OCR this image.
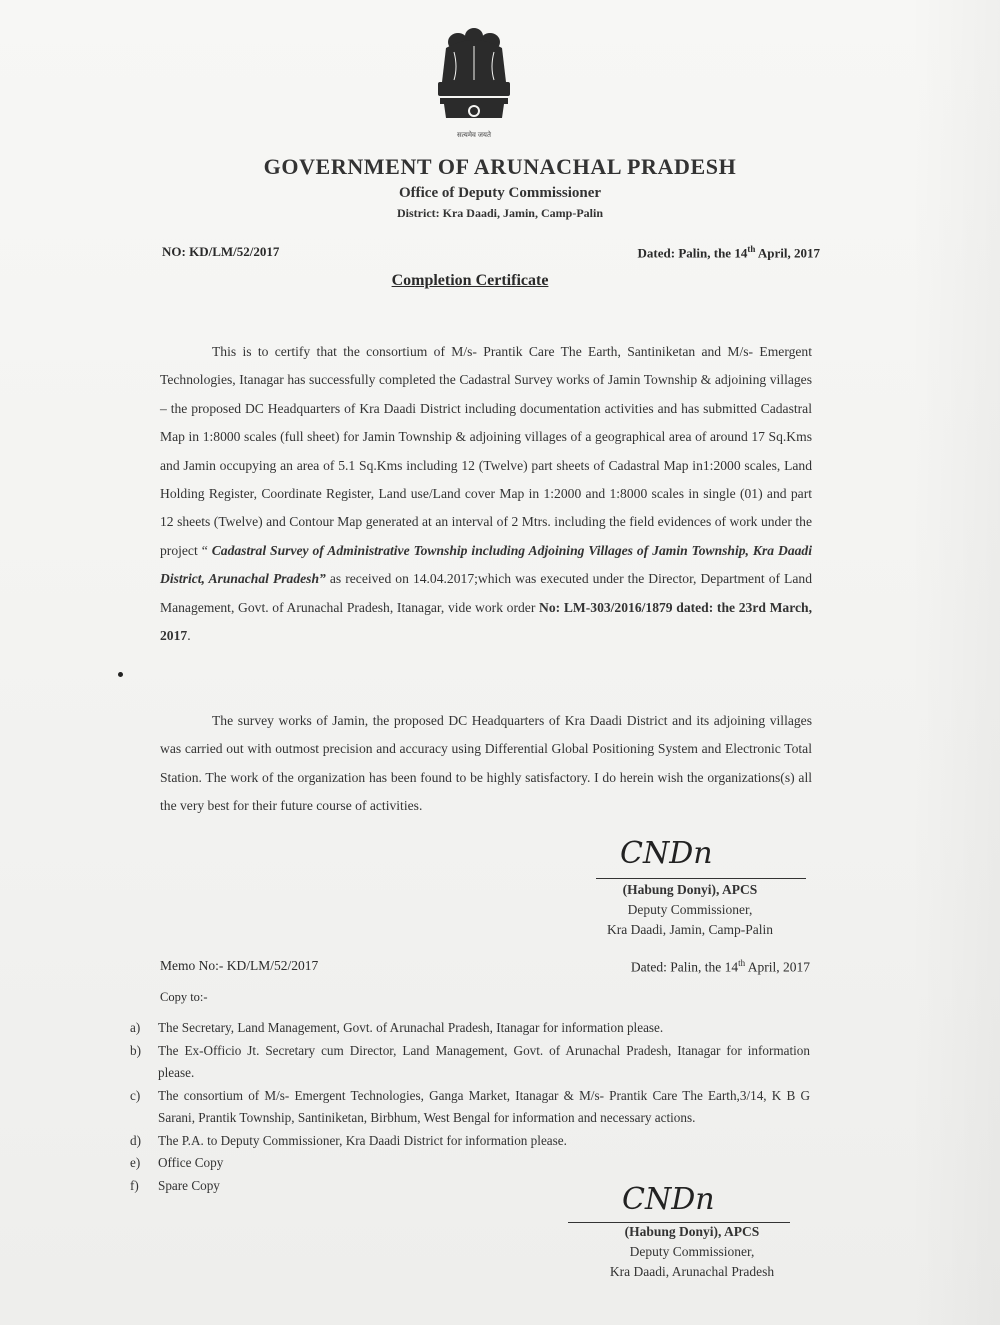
सत्यमेव जयते
GOVERNMENT OF ARUNACHAL PRADESH
Office of Deputy Commissioner
District: Kra Daadi, Jamin, Camp-Palin
NO: KD/LM/52/2017	Dated: Palin, the 14th April, 2017
Completion Certificate
This is to certify that the consortium of M/s- Prantik Care The Earth, Santiniketan and M/s- Emergent Technologies, Itanagar has successfully completed the Cadastral Survey works of Jamin Township & adjoining villages – the proposed DC Headquarters of Kra Daadi District including documentation activities and has submitted Cadastral Map in 1:8000 scales (full sheet) for Jamin Township & adjoining villages of a geographical area of around 17 Sq.Kms and Jamin occupying an area of 5.1 Sq.Kms including 12 (Twelve) part sheets of Cadastral Map in1:2000 scales, Land Holding Register, Coordinate Register, Land use/Land cover Map in 1:2000 and 1:8000 scales in single (01) and part 12 sheets (Twelve) and Contour Map generated at an interval of 2 Mtrs. including the field evidences of work under the project “ Cadastral Survey of Administrative Township including Adjoining Villages of Jamin Township, Kra Daadi District, Arunachal Pradesh” as received on 14.04.2017;which was executed under the Director, Department of Land Management, Govt. of Arunachal Pradesh, Itanagar, vide work order No: LM-303/2016/1879 dated: the 23rd March, 2017.
The survey works of Jamin, the proposed DC Headquarters of Kra Daadi District and its adjoining villages was carried out with outmost precision and accuracy using Differential Global Positioning System and Electronic Total Station. The work of the organization has been found to be highly satisfactory. I do herein wish the organizations(s) all the very best for their future course of activities.
CNDn
(Habung Donyi), APCS
Deputy Commissioner,
Kra Daadi, Jamin, Camp-Palin
Memo No:- KD/LM/52/2017	Dated: Palin, the 14th April, 2017
Copy to:-
a)	The Secretary, Land Management, Govt. of Arunachal Pradesh, Itanagar for information please.
b)	The Ex-Officio Jt. Secretary cum Director, Land Management, Govt. of Arunachal Pradesh, Itanagar for information please.
c)	The consortium of M/s- Emergent Technologies, Ganga Market, Itanagar & M/s- Prantik Care The Earth,3/14, K B G Sarani, Prantik Township, Santiniketan, Birbhum, West Bengal for information and necessary actions.
d)	The P.A. to Deputy Commissioner, Kra Daadi District for information please.
e)	Office Copy
f)	Spare Copy	CNDn
(Habung Donyi), APCS
Deputy Commissioner,
Kra Daadi, Arunachal Pradesh
